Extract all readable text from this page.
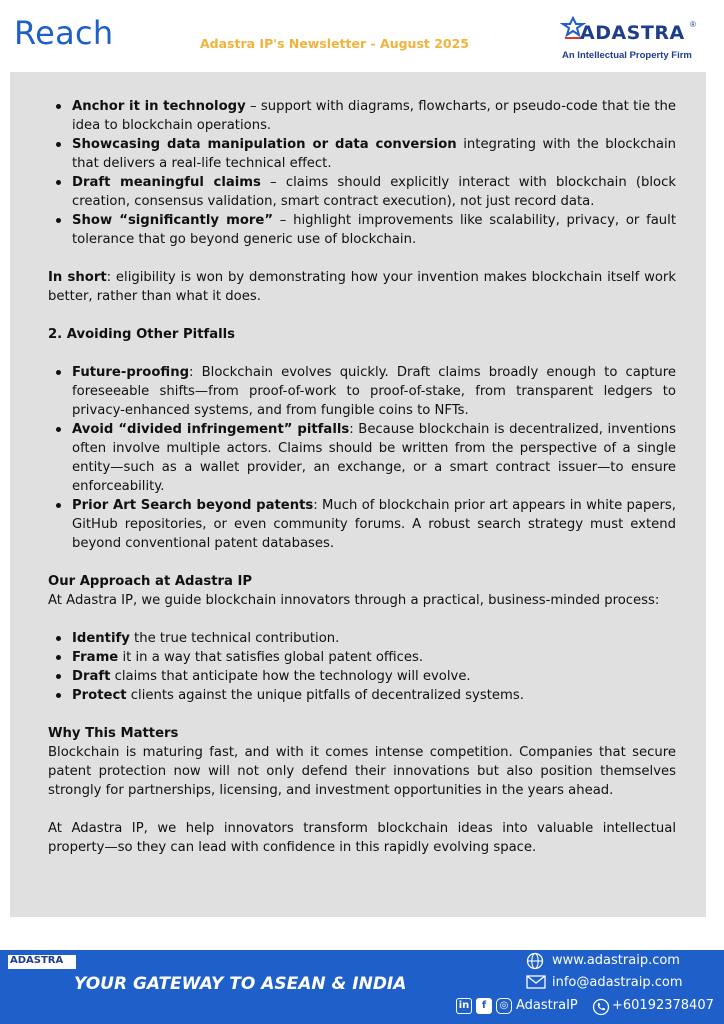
Reach	Adastra IP's Newsletter - August 2025	ADASTRA ®
An Intellectual Property Firm
Anchor it in technology – support with diagrams, flowcharts, or pseudo-code that tie the idea to blockchain operations.
Showcasing data manipulation or data conversion integrating with the blockchain that delivers a real-life technical effect.
Draft meaningful claims – claims should explicitly interact with blockchain (block creation, consensus validation, smart contract execution), not just record data.
Show “significantly more” – highlight improvements like scalability, privacy, or fault tolerance that go beyond generic use of blockchain.

In short: eligibility is won by demonstrating how your invention makes blockchain itself work better, rather than what it does.

2. Avoiding Other Pitfalls

Future-proofing: Blockchain evolves quickly. Draft claims broadly enough to capture foreseeable shifts—from proof-of-work to proof-of-stake, from transparent ledgers to privacy-enhanced systems, and from fungible coins to NFTs.
Avoid “divided infringement” pitfalls: Because blockchain is decentralized, inventions often involve multiple actors. Claims should be written from the perspective of a single entity—such as a wallet provider, an exchange, or a smart contract issuer—to ensure enforceability.
Prior Art Search beyond patents: Much of blockchain prior art appears in white papers, GitHub repositories, or even community forums. A robust search strategy must extend beyond conventional patent databases.

Our Approach at Adastra IP

At Adastra IP, we guide blockchain innovators through a practical, business-minded process:

Identify the true technical contribution.
Frame it in a way that satisfies global patent offices.
Draft claims that anticipate how the technology will evolve.
Protect clients against the unique pitfalls of decentralized systems.

Why This Matters

Blockchain is maturing fast, and with it comes intense competition. Companies that secure patent protection now will not only defend their innovations but also position themselves strongly for partnerships, licensing, and investment opportunities in the years ahead.

At Adastra IP, we help innovators transform blockchain ideas into valuable intellectual property—so they can lead with confidence in this rapidly evolving space.

ADASTRA
YOUR GATEWAY TO ASEAN & INDIA
www.adastraip.com
info@adastraip.com
in	f	◎ AdastraIP	+60192378407
